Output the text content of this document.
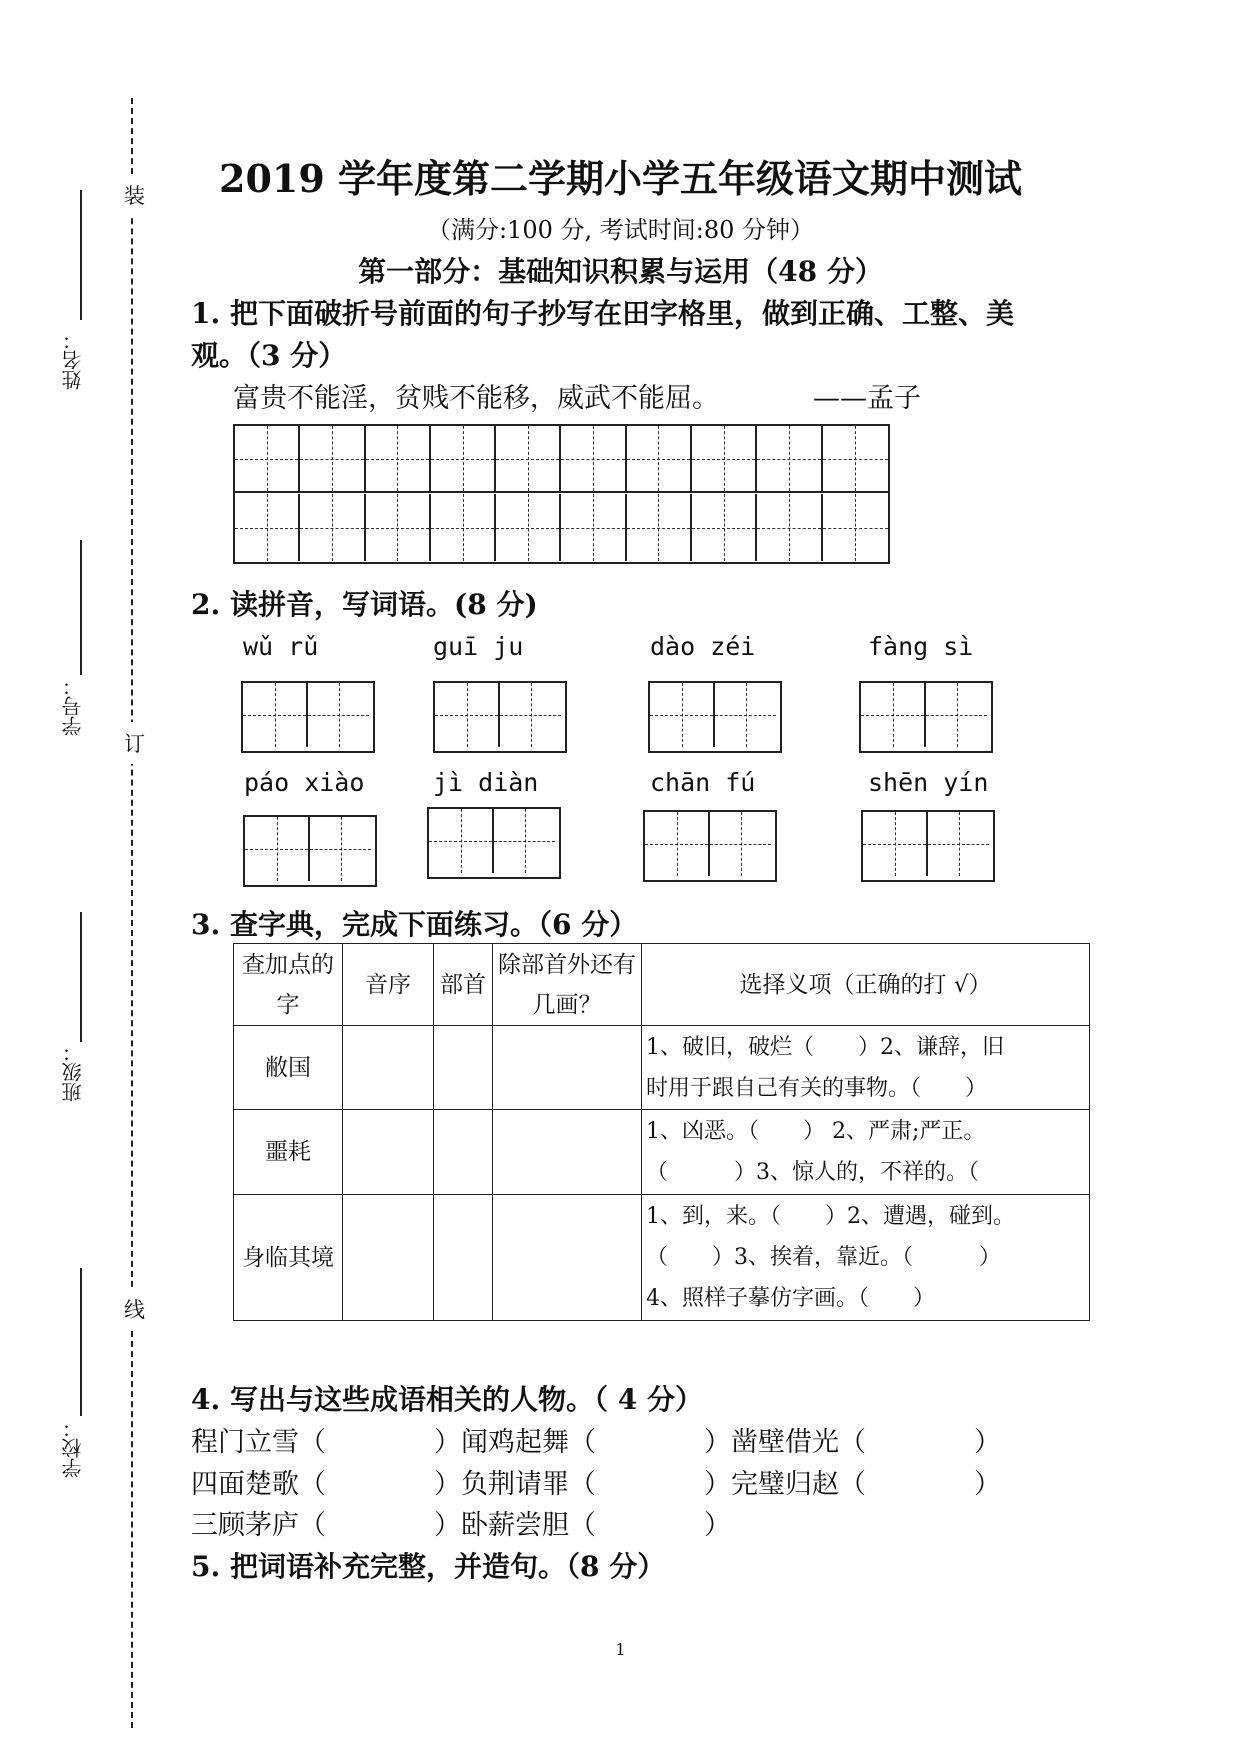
装
订
线
姓名：
学号：
班级：
学校：
2019 学年度第二学期小学五年级语文期中测试
（满分:100 分, 考试时间:80 分钟）
第一部分：基础知识积累与运用（48 分）
1. 把下面破折号前面的句子抄写在田字格里，做到正确、工整、美
观。（3 分）
富贵不能淫，贫贱不能移，威武不能屈。	——孟子
2. 读拼音，写词语。(8 分)
wǔ rǔ	guī ju	dào zéi	fàng sì
páo xiào	jì diàn	chān fú	shēn yín
3. 查字典，完成下面练习。（6 分）
查加点的字	音序	部首	除部首外还有几画？	选择义项（正确的打 √）
敝国				1、破旧，破烂（　　）2、谦辞，旧
时用于跟自己有关的事物。（　　）

噩耗				1、凶恶。（　　） 2、严肃;严正。
（　　　）3、惊人的，不祥的。（

身临其境				1、到，来。（　　）2、遭遇，碰到。
（　　）3、挨着，靠近。（　　　）
4、照样子摹仿字画。（　　）
4. 写出与这些成语相关的人物。（ 4 分）
程门立雪（　　　　）闻鸡起舞（　　　　）凿壁借光（　　　　）
四面楚歌（　　　　）负荆请罪（　　　　）完璧归赵（　　　　）
三顾茅庐（　　　　）卧薪尝胆（　　　　）
5. 把词语补充完整，并造句。（8 分）
1
